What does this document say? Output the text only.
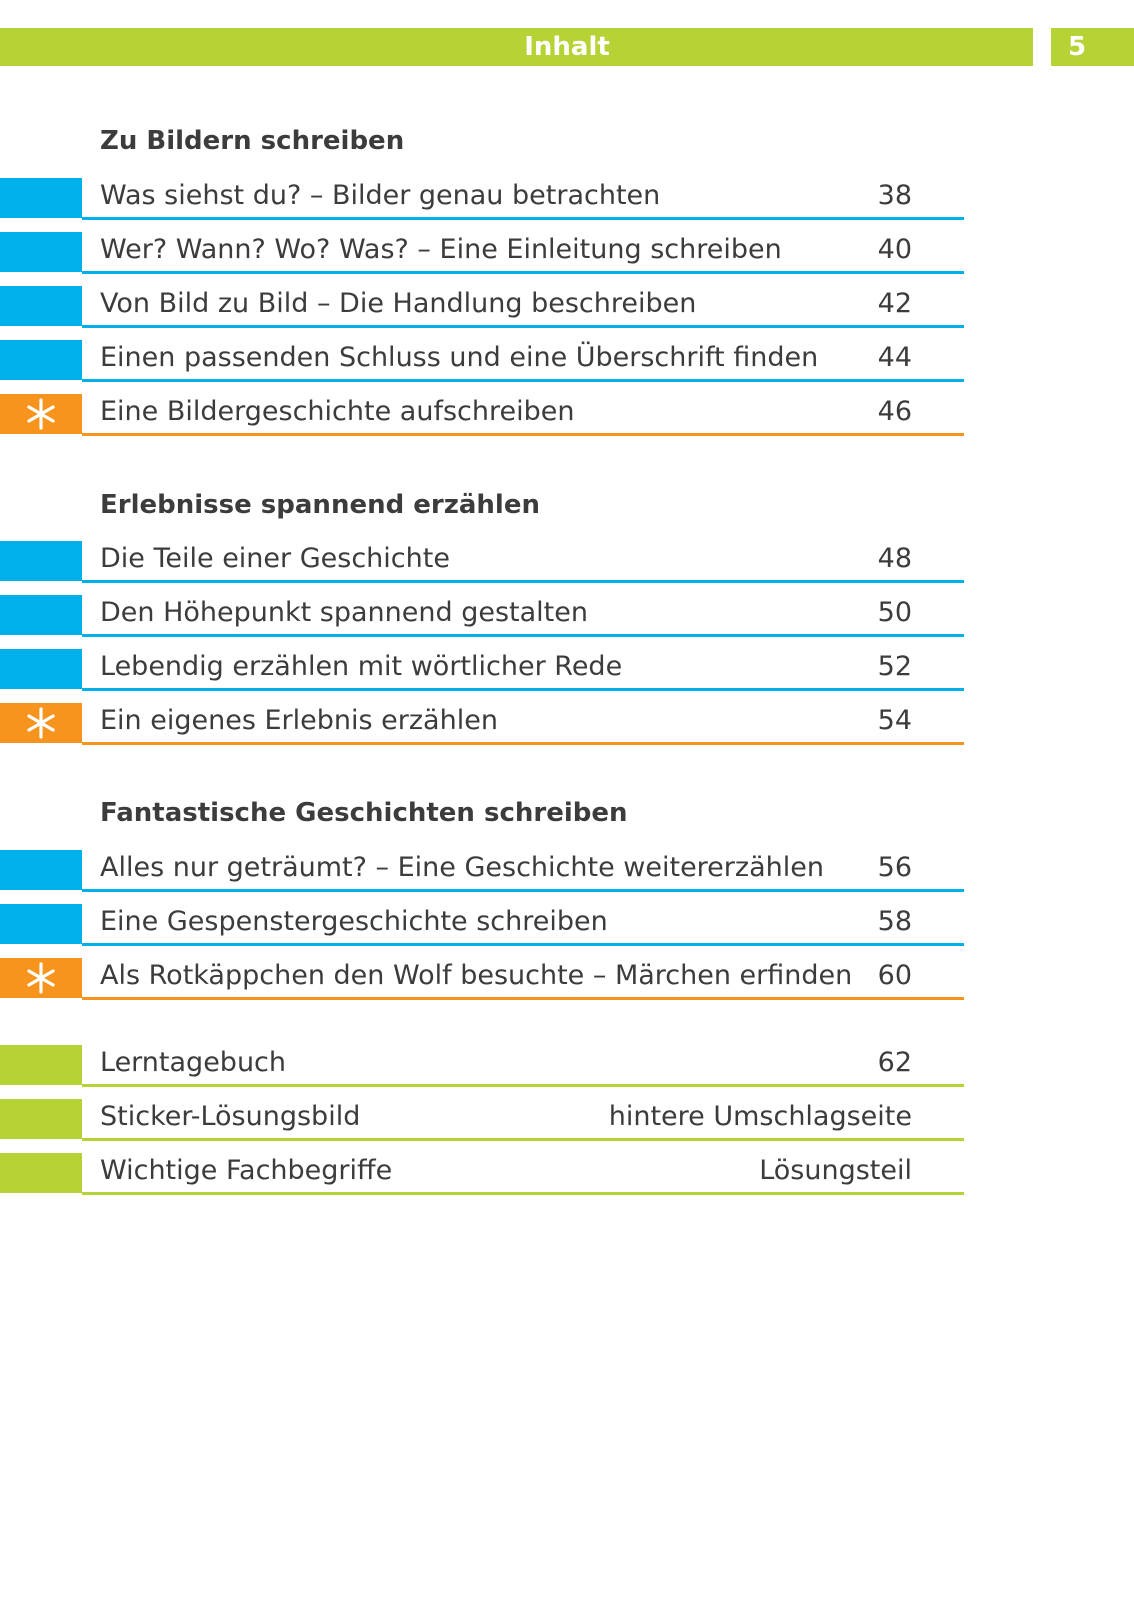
Inhalt	5
Zu Bildern schreiben
Was siehst du? – Bilder genau betrachten	38
Wer? Wann? Wo? Was? – Eine Einleitung schreiben	40
Von Bild zu Bild – Die Handlung beschreiben	42
Einen passenden Schluss und eine Überschrift finden 44
Eine Bildergeschichte aufschreiben	46
Erlebnisse spannend erzählen
Die Teile einer Geschichte	48
Den Höhepunkt spannend gestalten	50
Lebendig erzählen mit wörtlicher Rede	52
Ein eigenes Erlebnis erzählen	54
Fantastische Geschichten schreiben
Alles nur geträumt? – Eine Geschichte weitererzählen 56
Eine Gespenstergeschichte schreiben	58
Als Rotkäppchen den Wolf besuchte – Märchen erfinden 60
Lerntagebuch	62
Sticker-Lösungsbild	hintere Umschlagseite
Wichtige Fachbegriffe	Lösungsteil
